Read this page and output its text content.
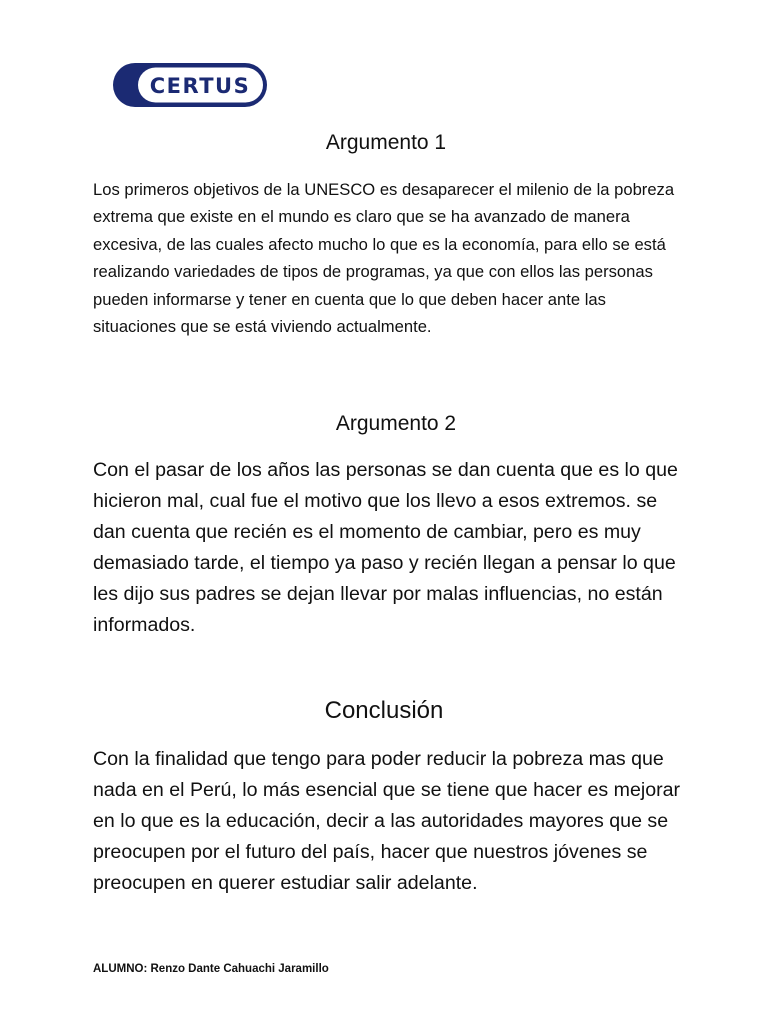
CERTUS
Argumento 1

Los primeros objetivos de la UNESCO es desaparecer el milenio de la pobreza extrema que existe en el mundo es claro que se ha avanzado de manera excesiva, de las cuales afecto mucho lo que es la economía, para ello se está realizando variedades de tipos de programas, ya que con ellos las personas pueden informarse y tener en cuenta que lo que deben hacer ante las situaciones que se está viviendo actualmente.

Argumento 2

Con el pasar de los años las personas se dan cuenta que es lo que hicieron mal, cual fue el motivo que los llevo a esos extremos. se dan cuenta que recién es el momento de cambiar, pero es muy demasiado tarde, el tiempo ya paso y recién llegan a pensar lo que les dijo sus padres se dejan llevar por malas influencias, no están informados.

Conclusión

Con la finalidad que tengo para poder reducir la pobreza mas que nada en el Perú, lo más esencial que se tiene que hacer es mejorar en lo que es la educación, decir a las autoridades mayores que se preocupen por el futuro del país, hacer que nuestros jóvenes se preocupen en querer estudiar salir adelante.

ALUMNO: Renzo Dante Cahuachi Jaramillo
